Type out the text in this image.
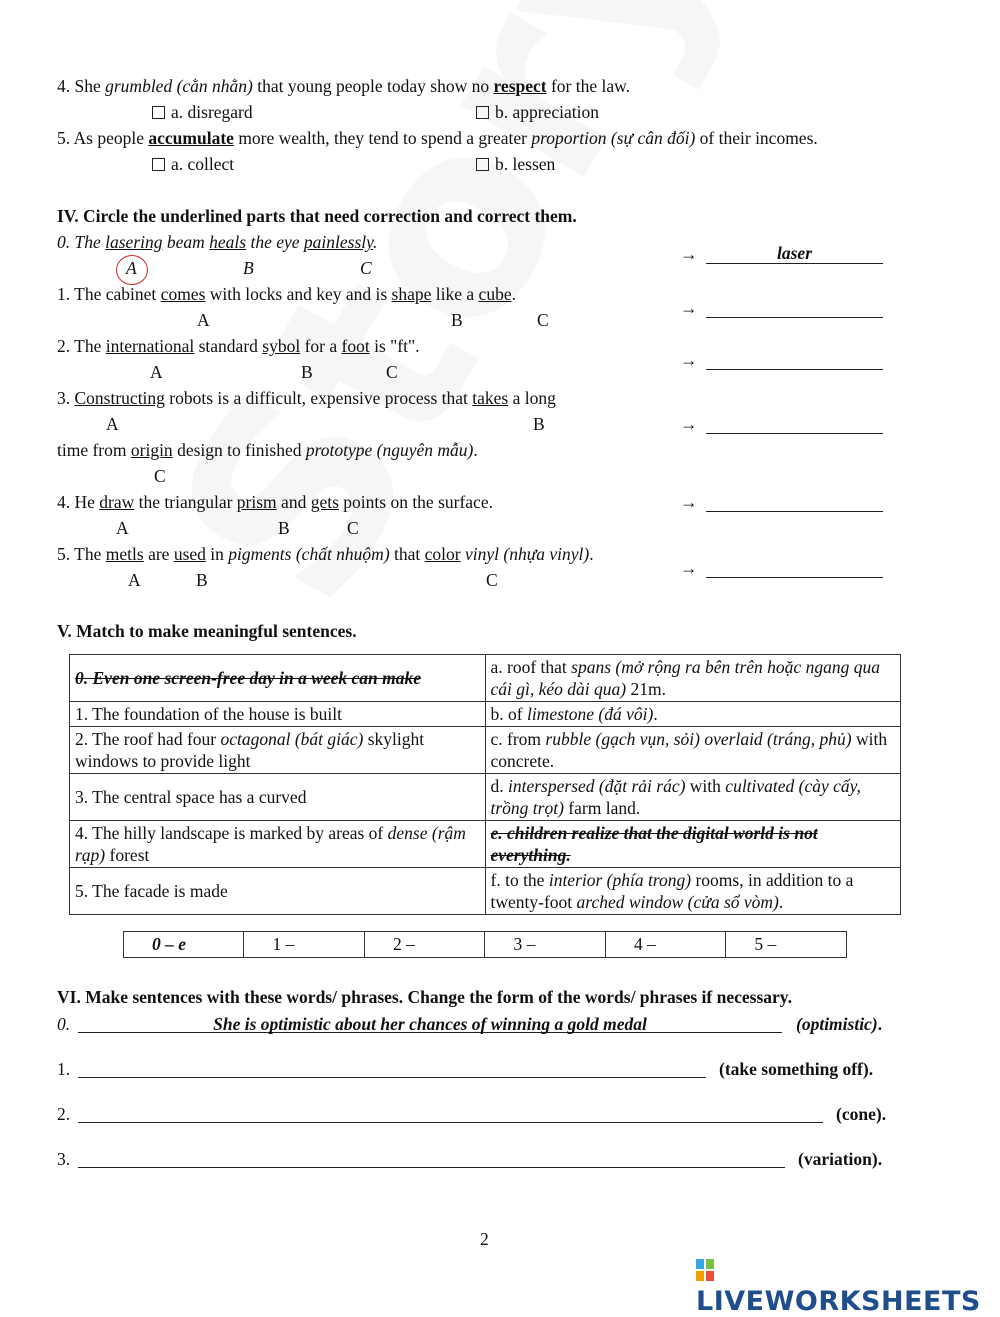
4. She grumbled (cằn nhằn) that young people today show no respect for the law.
a. disregard	b. appreciation
5. As people accumulate more wealth, they tend to spend a greater proportion (sự cân đối) of their incomes.
a. collect	b. lessen
IV. Circle the underlined parts that need correction and correct them.
0. The lasering beam heals the eye painlessly.
A	B	C
→	laser
1. The cabinet comes with locks and key and is shape like a cube.
A	B	C
→
2. The international standard sybol for a foot is "ft".
A	B	C
→
3. Constructing robots is a difficult, expensive process that takes a long
A	B
time from origin design to finished prototype (nguyên mẫu).
C
→
4. He draw the triangular prism and gets points on the surface.
A	B	C
→
5. The metls are used in pigments (chất nhuộm) that color vinyl (nhựa vinyl).
A	B	C
→
V. Match to make meaningful sentences.
0. Even one screen-free day in a week can make	a. roof that spans (mở rộng ra bên trên hoặc ngang qua cái gì, kéo dài qua) 21m.
1. The foundation of the house is built	b. of limestone (đá vôi).
2. The roof had four octagonal (bát giác) skylight windows to provide light	c. from rubble (gạch vụn, sỏi) overlaid (tráng, phủ) with concrete.
3. The central space has a curved	d. interspersed (đặt rải rác) with cultivated (cày cấy, trồng trọt) farm land.
4. The hilly landscape is marked by areas of dense (rậm rạp) forest	e. children realize that the digital world is not everything.
5. The facade is made	f. to the interior (phía trong) rooms, in addition to a twenty-foot arched window (cửa sổ vòm).
0 – e	1 –	2 –	3 –	4 –	5 –
VI. Make sentences with these words/ phrases. Change the form of the words/ phrases if necessary.
0.	She is optimistic about her chances of winning a gold medal	(optimistic).
1.	(take something off).
2.	(cone).
3.	(variation).
2
LIVEWORKSHEETS
